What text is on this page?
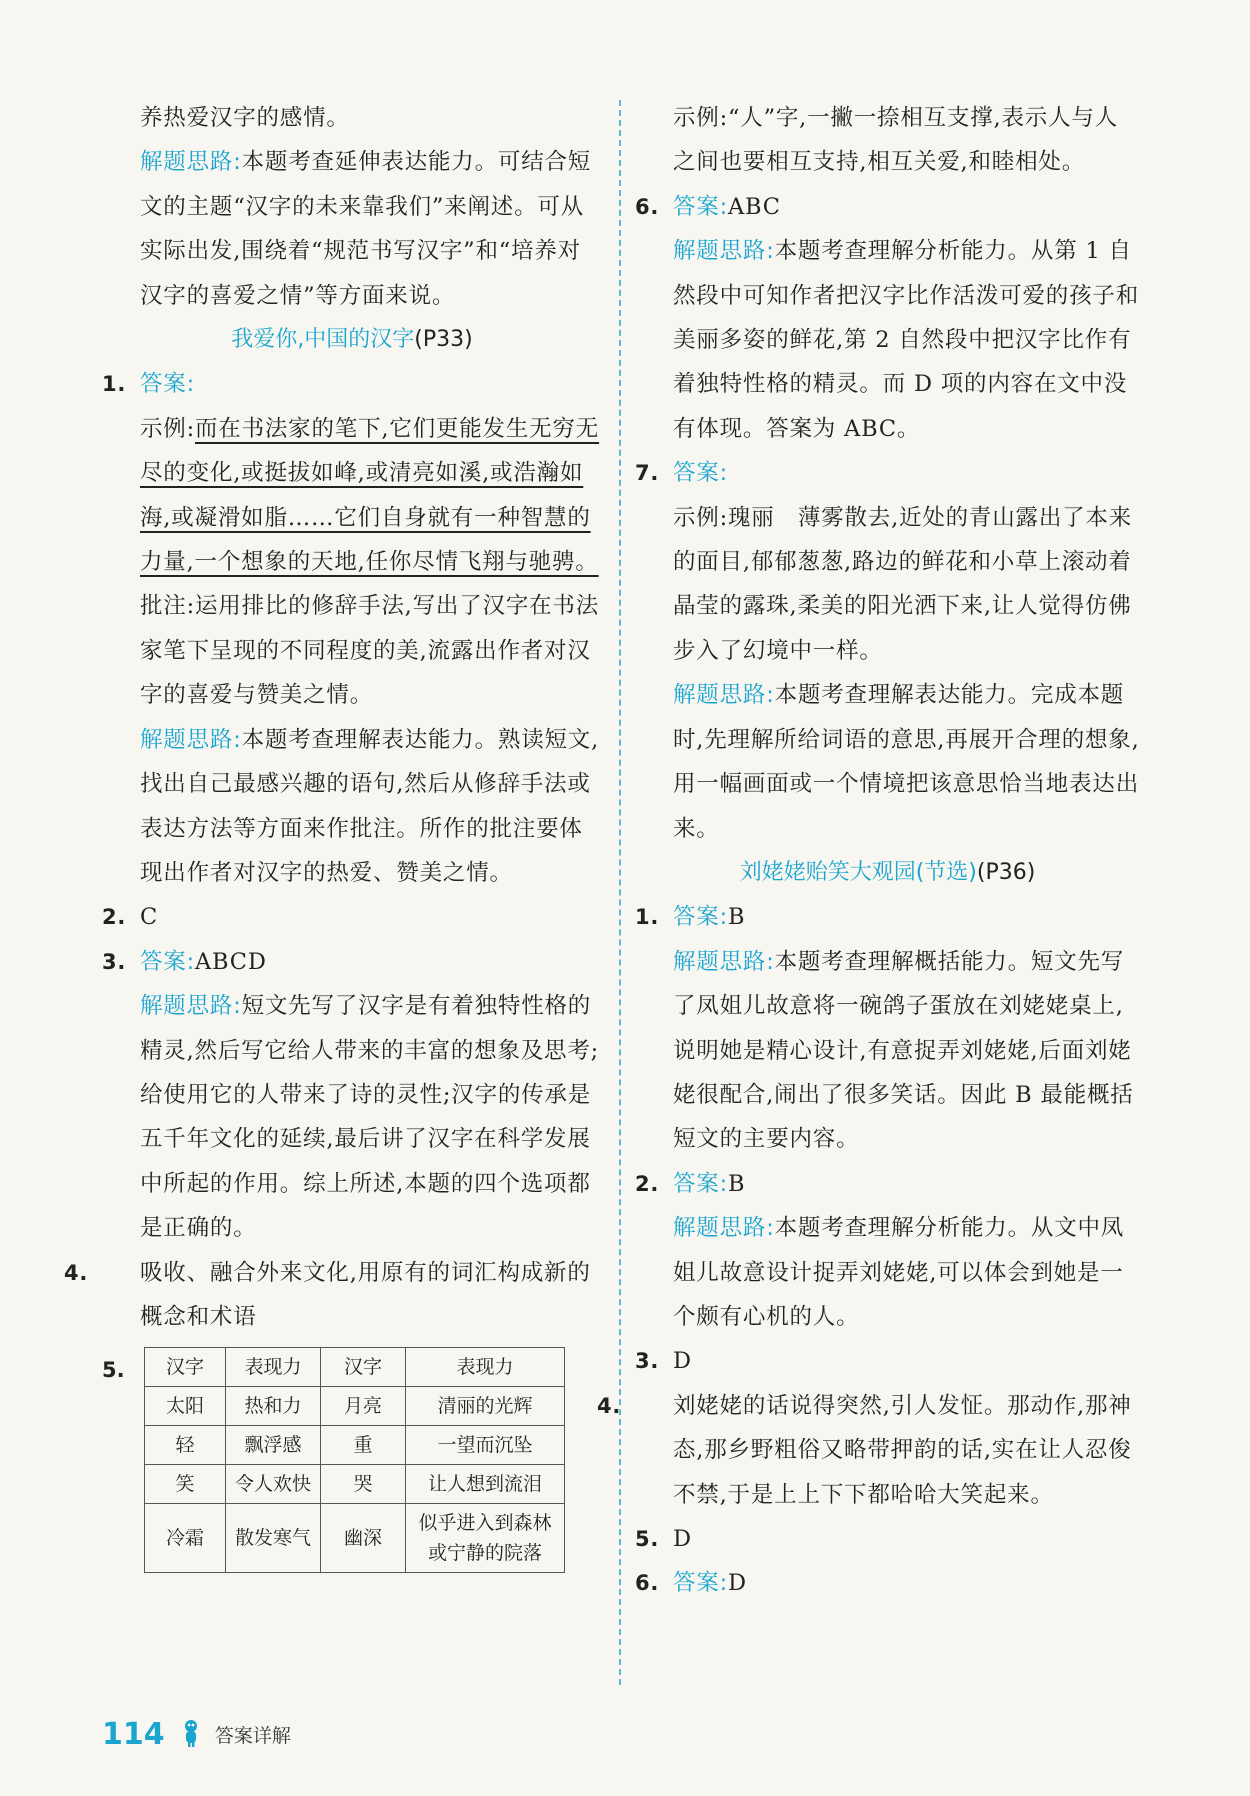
养热爱汉字的感情。

解题思路:本题考查延伸表达能力。可结合短文的主题“汉字的未来靠我们”来阐述。可从实际出发,围绕着“规范书写汉字”和“培养对汉字的喜爱之情”等方面来说。

我爱你,中国的汉字(P33)

1. 答案:

示例:而在书法家的笔下,它们更能发生无穷无尽的变化,或挺拔如峰,或清亮如溪,或浩瀚如海,或凝滑如脂……它们自身就有一种智慧的力量,一个想象的天地,任你尽情飞翔与驰骋。

批注:运用排比的修辞手法,写出了汉字在书法家笔下呈现的不同程度的美,流露出作者对汉字的喜爱与赞美之情。

解题思路:本题考查理解表达能力。熟读短文,找出自己最感兴趣的语句,然后从修辞手法或表达方法等方面来作批注。所作的批注要体现出作者对汉字的热爱、赞美之情。

2. C

3. 答案:ABCD

解题思路:短文先写了汉字是有着独特性格的精灵,然后写它给人带来的丰富的想象及思考;给使用它的人带来了诗的灵性;汉字的传承是五千年文化的延续,最后讲了汉字在科学发展中所起的作用。综上所述,本题的四个选项都是正确的。

4. 吸收、融合外来文化,用原有的词汇构成新的概念和术语

5.	汉字	表现力	汉字	表现力
太阳	热和力	月亮	清丽的光辉
轻	飘浮感	重	一望而沉坠
笑	令人欢快	哭	让人想到流泪
冷霜	散发寒气	幽深	似乎进入到森林或宁静的院落

示例:“人”字,一撇一捺相互支撑,表示人与人之间也要相互支持,相互关爱,和睦相处。

6. 答案:ABC

解题思路:本题考查理解分析能力。从第 1 自然段中可知作者把汉字比作活泼可爱的孩子和美丽多姿的鲜花,第 2 自然段中把汉字比作有着独特性格的精灵。而 D 项的内容在文中没有体现。答案为 ABC。

7. 答案:

示例:瑰丽　薄雾散去,近处的青山露出了本来的面目,郁郁葱葱,路边的鲜花和小草上滚动着晶莹的露珠,柔美的阳光洒下来,让人觉得仿佛步入了幻境中一样。

解题思路:本题考查理解表达能力。完成本题时,先理解所给词语的意思,再展开合理的想象,用一幅画面或一个情境把该意思恰当地表达出来。

刘姥姥贻笑大观园(节选)(P36)

1. 答案:B

解题思路:本题考查理解概括能力。短文先写了凤姐儿故意将一碗鸽子蛋放在刘姥姥桌上,说明她是精心设计,有意捉弄刘姥姥,后面刘姥姥很配合,闹出了很多笑话。因此 B 最能概括短文的主要内容。

2. 答案:B

解题思路:本题考查理解分析能力。从文中凤姐儿故意设计捉弄刘姥姥,可以体会到她是一个颇有心机的人。

3. D

4. 刘姥姥的话说得突然,引人发怔。那动作,那神态,那乡野粗俗又略带押韵的话,实在让人忍俊不禁,于是上上下下都哈哈大笑起来。

5. D

6. 答案:D

114	答案详解
